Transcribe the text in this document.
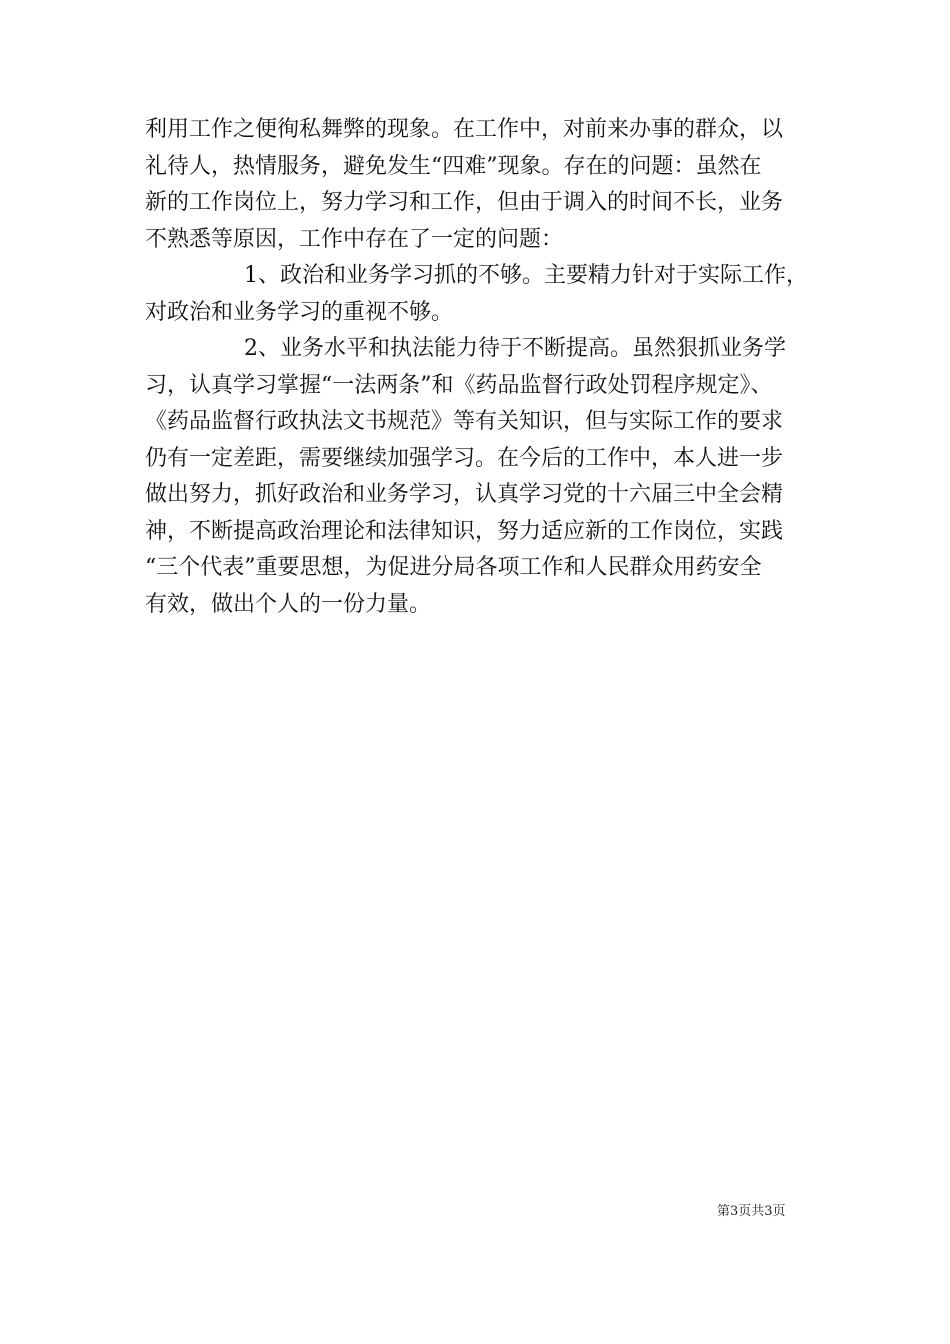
利用工作之便徇私舞弊的现象。在工作中，对前来办事的群众，以
礼待人，热情服务，避免发生“四难”现象。存在的问题：虽然在
新的工作岗位上，努力学习和工作，但由于调入的时间不长，业务
不熟悉等原因，工作中存在了一定的问题：
1、政治和业务学习抓的不够。主要精力针对于实际工作，
对政治和业务学习的重视不够。
2、业务水平和执法能力待于不断提高。虽然狠抓业务学
习，认真学习掌握“一法两条”和《药品监督行政处罚程序规定》、
《药品监督行政执法文书规范》等有关知识，但与实际工作的要求
仍有一定差距，需要继续加强学习。在今后的工作中，本人进一步
做出努力，抓好政治和业务学习，认真学习党的十六届三中全会精
神，不断提高政治理论和法律知识，努力适应新的工作岗位，实践
“三个代表”重要思想，为促进分局各项工作和人民群众用药安全
有效，做出个人的一份力量。
第3页共3页
